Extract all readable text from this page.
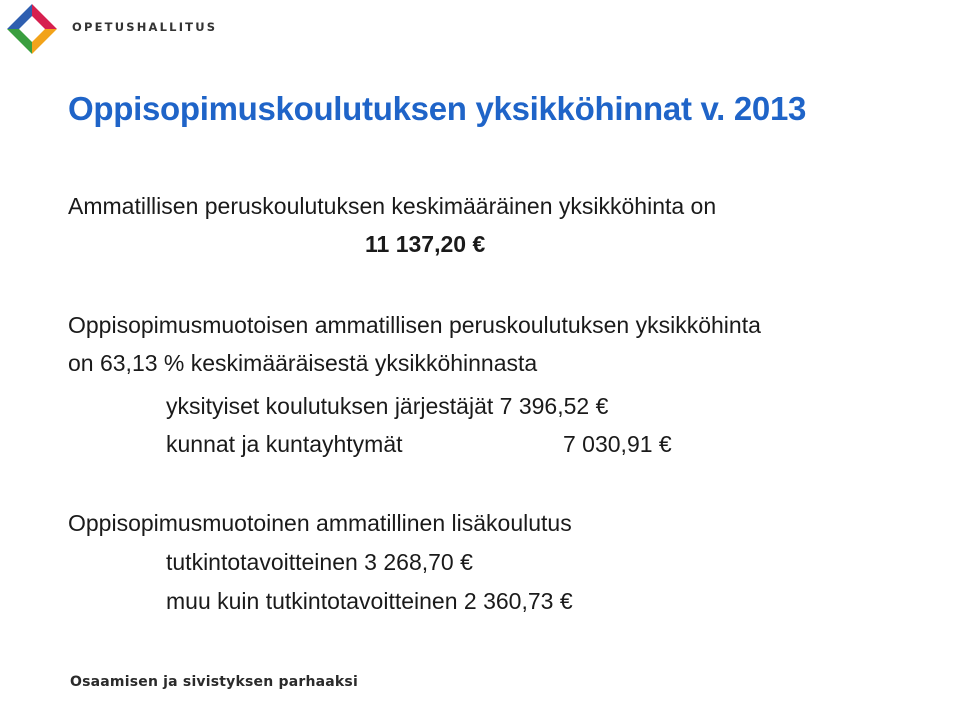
OPETUSHALLITUS
Oppisopimuskoulutuksen yksikköhinnat v. 2013
Ammatillisen peruskoulutuksen keskimääräinen yksikköhinta on
11 137,20 €
Oppisopimusmuotoisen ammatillisen peruskoulutuksen yksikköhinta
on 63,13 % keskimääräisestä yksikköhinnasta
yksityiset koulutuksen järjestäjät 7 396,52 €
kunnat ja kuntayhtymät	7 030,91 €
Oppisopimusmuotoinen ammatillinen lisäkoulutus
tutkintotavoitteinen 3 268,70 €
muu kuin tutkintotavoitteinen 2 360,73 €
Osaamisen ja sivistyksen parhaaksi
